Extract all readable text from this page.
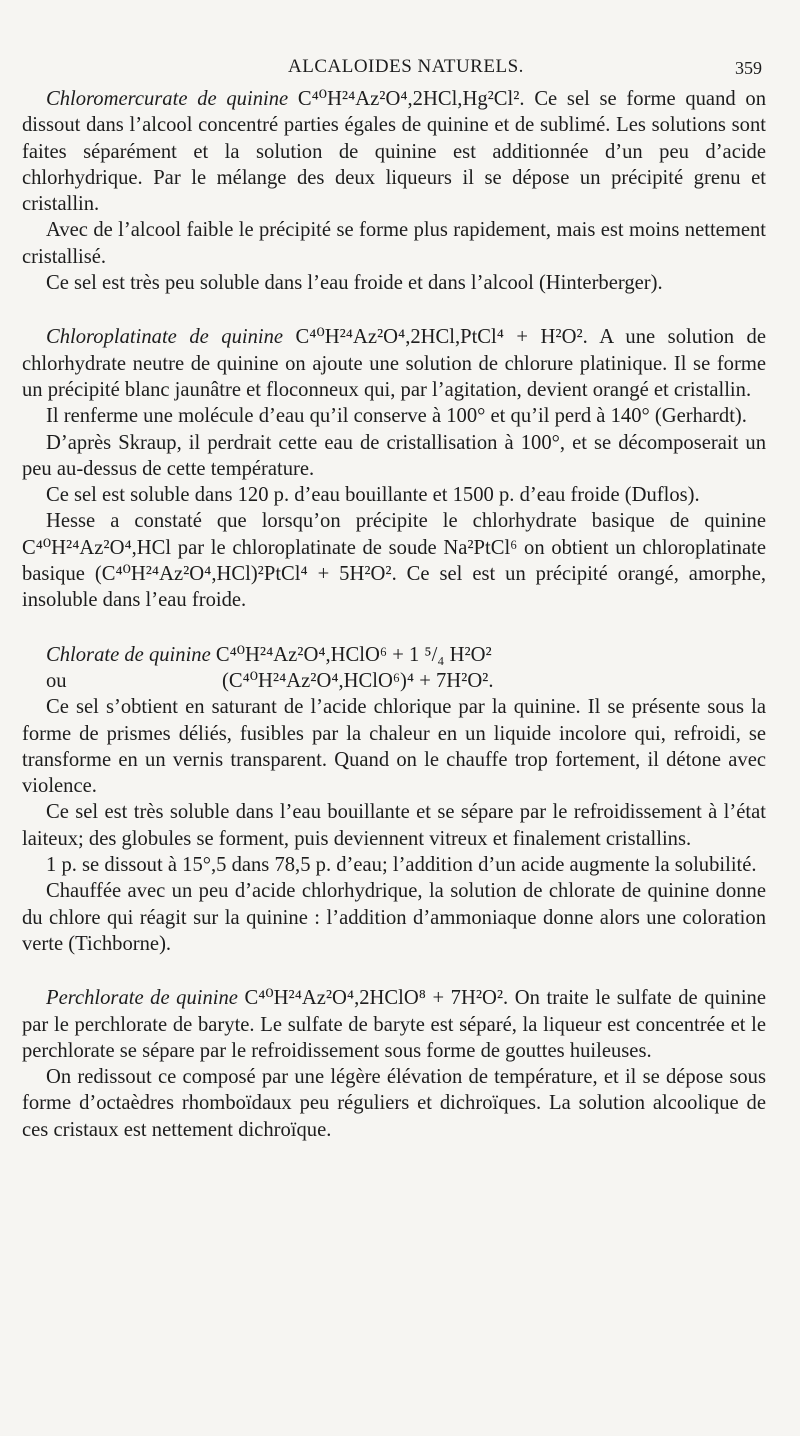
ALCALOIDES NATURELS.	359

Chloromercurate de quinine C⁴⁰H²⁴Az²O⁴,2HCl,Hg²Cl². Ce sel se forme quand on dissout dans l’alcool concentré parties égales de quinine et de sublimé. Les solutions sont faites séparément et la solution de quinine est additionnée d’un peu d’acide chlorhydrique. Par le mélange des deux liqueurs il se dépose un précipité grenu et cristallin.

Avec de l’alcool faible le précipité se forme plus rapidement, mais est moins nettement cristallisé.

Ce sel est très peu soluble dans l’eau froide et dans l’alcool (Hinterberger).

Chloroplatinate de quinine C⁴⁰H²⁴Az²O⁴,2HCl,PtCl⁴ + H²O². A une solution de chlorhydrate neutre de quinine on ajoute une solution de chlorure platinique. Il se forme un précipité blanc jaunâtre et floconneux qui, par l’agitation, devient orangé et cristallin.

Il renferme une molécule d’eau qu’il conserve à 100° et qu’il perd à 140° (Gerhardt).

D’après Skraup, il perdrait cette eau de cristallisation à 100°, et se décomposerait un peu au-dessus de cette température.

Ce sel est soluble dans 120 p. d’eau bouillante et 1500 p. d’eau froide (Duflos).

Hesse a constaté que lorsqu’on précipite le chlorhydrate basique de quinine C⁴⁰H²⁴Az²O⁴,HCl par le chloroplatinate de soude Na²PtCl⁶ on obtient un chloroplatinate basique (C⁴⁰H²⁴Az²O⁴,HCl)²PtCl⁴ + 5H²O². Ce sel est un précipité orangé, amorphe, insoluble dans l’eau froide.

Chlorate de quinine C⁴⁰H²⁴Az²O⁴,HClO⁶ + 1 ⁵/₄ H²O²

ou	(C⁴⁰H²⁴Az²O⁴,HClO⁶)⁴ + 7H²O².

Ce sel s’obtient en saturant de l’acide chlorique par la quinine. Il se présente sous la forme de prismes déliés, fusibles par la chaleur en un liquide incolore qui, refroidi, se transforme en un vernis transparent. Quand on le chauffe trop fortement, il détone avec violence.

Ce sel est très soluble dans l’eau bouillante et se sépare par le refroidissement à l’état laiteux; des globules se forment, puis deviennent vitreux et finalement cristallins.

1 p. se dissout à 15°,5 dans 78,5 p. d’eau; l’addition d’un acide augmente la solubilité.

Chauffée avec un peu d’acide chlorhydrique, la solution de chlorate de quinine donne du chlore qui réagit sur la quinine : l’addition d’ammoniaque donne alors une coloration verte (Tichborne).

Perchlorate de quinine C⁴⁰H²⁴Az²O⁴,2HClO⁸ + 7H²O². On traite le sulfate de quinine par le perchlorate de baryte. Le sulfate de baryte est séparé, la liqueur est concentrée et le perchlorate se sépare par le refroidissement sous forme de gouttes huileuses.

On redissout ce composé par une légère élévation de température, et il se dépose sous forme d’octaèdres rhomboïdaux peu réguliers et dichroïques. La solution alcoolique de ces cristaux est nettement dichroïque.
